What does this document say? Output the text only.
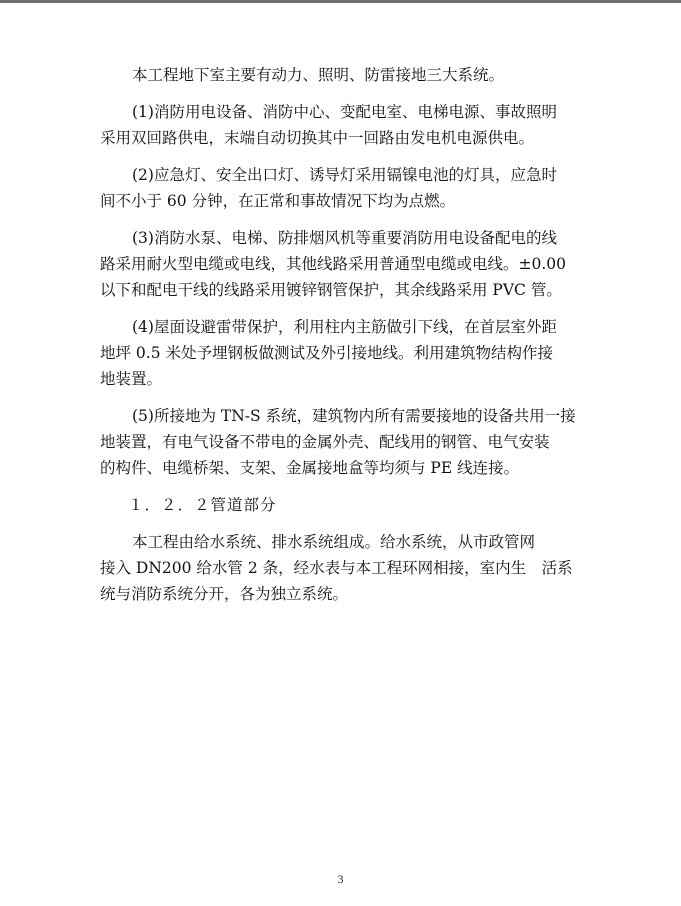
本工程地下室主要有动力、照明、防雷接地三大系统。
(1)消防用电设备、消防中心、变配电室、电梯电源、事故照明
采用双回路供电，末端自动切换其中一回路由发电机电源供电。
(2)应急灯、安全出口灯、诱导灯采用镉镍电池的灯具，应急时
间不小于 60 分钟，在正常和事故情况下均为点燃。
(3)消防水泵、电梯、防排烟风机等重要消防用电设备配电的线
路采用耐火型电缆或电线，其他线路采用普通型电缆或电线。±0.00
以下和配电干线的线路采用镀锌钢管保护，其余线路采用 PVC 管。
(4)屋面设避雷带保护，利用柱内主筋做引下线，在首层室外距
地坪 0.5 米处予埋钢板做测试及外引接地线。利用建筑物结构作接
地装置。
(5)所接地为 TN-S 系统，建筑物内所有需要接地的设备共用一接
地装置，有电气设备不带电的金属外壳、配线用的钢管、电气安装
的构件、电缆桥架、支架、金属接地盒等均须与 PE 线连接。
１．２．２管道部分
本工程由给水系统、排水系统组成。给水系统，从市政管网
接入 DN200 给水管 2 条，经水表与本工程环网相接，室内生　活系
统与消防系统分开，各为独立系统。
3
